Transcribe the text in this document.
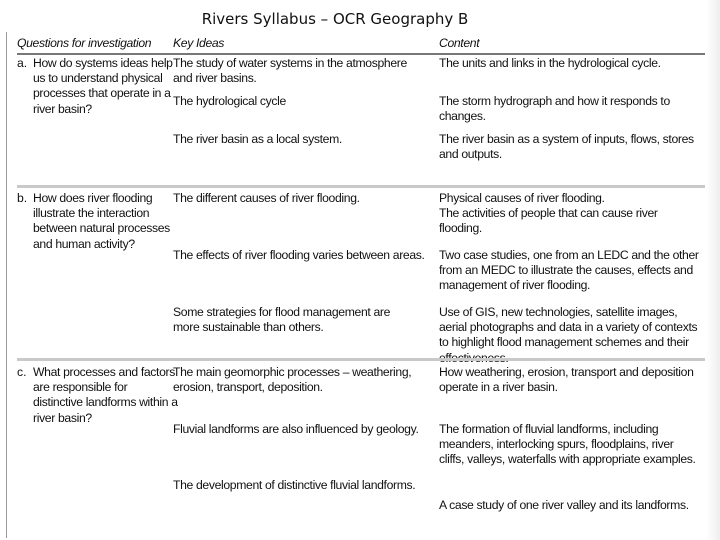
Rivers Syllabus – OCR Geography B
Questions for investigation	Key Ideas	Content
a. How do systems ideas help us to understand physical processes that operate in a river basin?
The study of water systems in the atmosphere and river basins.
The hydrological cycle
The river basin as a local system.
The units and links in the hydrological cycle.
The storm hydrograph and how it responds to changes.
The river basin as a system of inputs, flows, stores and outputs.
b. How does river flooding illustrate the interaction between natural processes and human activity?
The different causes of river flooding.
The effects of river flooding varies between areas.
Some strategies for flood management are more sustainable than others.
Physical causes of river flooding.
The activities of people that can cause river flooding.
Two case studies, one from an LEDC and the other from an MEDC to illustrate the causes, effects and management of river flooding.
Use of GIS, new technologies, satellite images, aerial photographs and data in a variety of contexts to highlight flood management schemes and their
c. What processes and factors are responsible for distinctive landforms within a river basin?
The main geomorphic processes – weathering, erosion, transport, deposition.
Fluvial landforms are also influenced by geology.
The development of distinctive fluvial landforms.
How weathering, erosion, transport and deposition operate in a river basin.
The formation of fluvial landforms, including meanders, interlocking spurs, floodplains, river cliffs, valleys, waterfalls with appropriate examples.
A case study of one river valley and its landforms.
